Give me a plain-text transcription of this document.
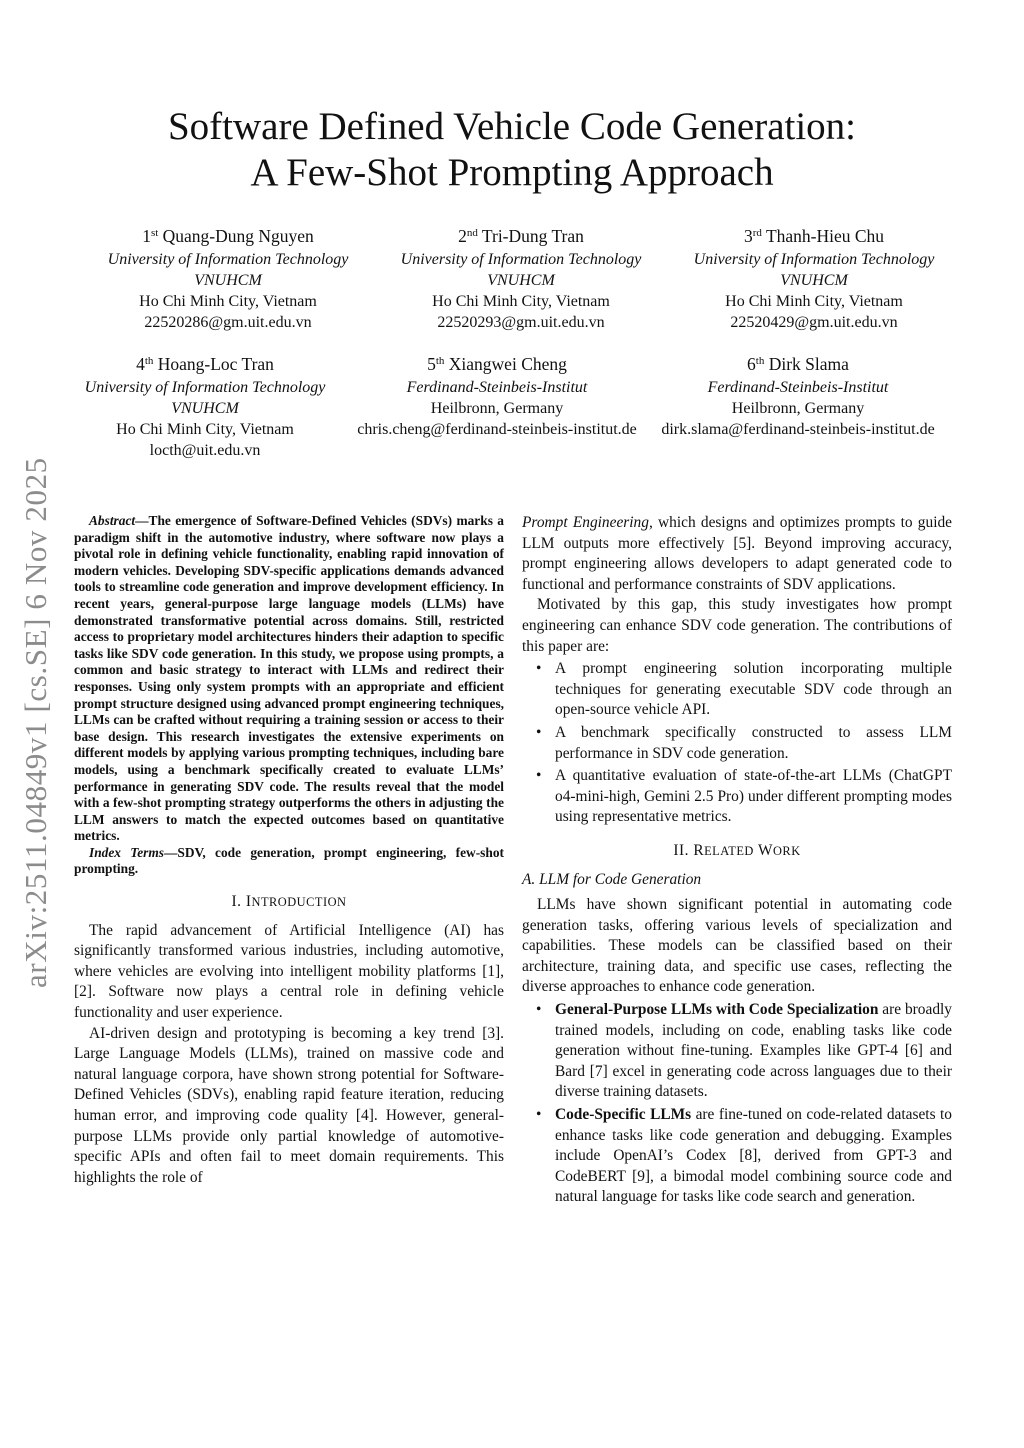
arXiv:2511.04849v1 [cs.SE] 6 Nov 2025
Software Defined Vehicle Code Generation:
A Few-Shot Prompting Approach
1st Quang-Dung Nguyen
University of Information Technology
VNUHCM
Ho Chi Minh City, Vietnam
22520286@gm.uit.edu.vn
2nd Tri-Dung Tran
University of Information Technology
VNUHCM
Ho Chi Minh City, Vietnam
22520293@gm.uit.edu.vn
3rd Thanh-Hieu Chu
University of Information Technology
VNUHCM
Ho Chi Minh City, Vietnam
22520429@gm.uit.edu.vn
4th Hoang-Loc Tran
University of Information Technology
VNUHCM
Ho Chi Minh City, Vietnam
locth@uit.edu.vn
5th Xiangwei Cheng
Ferdinand-Steinbeis-Institut
Heilbronn, Germany
chris.cheng@ferdinand-steinbeis-institut.de
6th Dirk Slama
Ferdinand-Steinbeis-Institut
Heilbronn, Germany
dirk.slama@ferdinand-steinbeis-institut.de

Abstract—The emergence of Software-Defined Vehicles (SDVs) marks a paradigm shift in the automotive industry, where software now plays a pivotal role in defining vehicle functionality, enabling rapid innovation of modern vehicles. Developing SDV-specific applications demands advanced tools to streamline code generation and improve development efficiency. In recent years, general-purpose large language models (LLMs) have demonstrated transformative potential across domains. Still, restricted access to proprietary model architectures hinders their adaption to specific tasks like SDV code generation. In this study, we propose using prompts, a common and basic strategy to interact with LLMs and redirect their responses. Using only system prompts with an appropriate and efficient prompt structure designed using advanced prompt engineering techniques, LLMs can be crafted without requiring a training session or access to their base design. This research investigates the extensive experiments on different models by applying various prompting techniques, including bare models, using a benchmark specifically created to evaluate LLMs’ performance in generating SDV code. The results reveal that the model with a few-shot prompting strategy outperforms the others in adjusting the LLM answers to match the expected outcomes based on quantitative metrics.

Index Terms—SDV, code generation, prompt engineering, few-shot prompting.

I. INTRODUCTION

The rapid advancement of Artificial Intelligence (AI) has significantly transformed various industries, including automotive, where vehicles are evolving into intelligent mobility platforms [1], [2]. Software now plays a central role in defining vehicle functionality and user experience.

AI-driven design and prototyping is becoming a key trend [3]. Large Language Models (LLMs), trained on massive code and natural language corpora, have shown strong potential for Software-Defined Vehicles (SDVs), enabling rapid feature iteration, reducing human error, and improving code quality [4]. However, general-purpose LLMs provide only partial knowledge of automotive-specific APIs and often fail to meet domain requirements. This highlights the role of

Prompt Engineering, which designs and optimizes prompts to guide LLM outputs more effectively [5]. Beyond improving accuracy, prompt engineering allows developers to adapt generated code to functional and performance constraints of SDV applications.

Motivated by this gap, this study investigates how prompt engineering can enhance SDV code generation. The contributions of this paper are:

• A prompt engineering solution incorporating multiple techniques for generating executable SDV code through an open-source vehicle API.
• A benchmark specifically constructed to assess LLM performance in SDV code generation.
• A quantitative evaluation of state-of-the-art LLMs (ChatGPT o4-mini-high, Gemini 2.5 Pro) under different prompting modes using representative metrics.
II. RELATED WORK
A. LLM for Code Generation

LLMs have shown significant potential in automating code generation tasks, offering various levels of specialization and capabilities. These models can be classified based on their architecture, training data, and specific use cases, reflecting the diverse approaches to enhance code generation.

• General-Purpose LLMs with Code Specialization are broadly trained models, including on code, enabling tasks like code generation without fine-tuning. Examples like GPT-4 [6] and Bard [7] excel in generating code across languages due to their diverse training datasets.
• Code-Specific LLMs are fine-tuned on code-related datasets to enhance tasks like code generation and debugging. Examples include OpenAI’s Codex [8], derived from GPT-3 and CodeBERT [9], a bimodal model combining source code and natural language for tasks like code search and generation.
